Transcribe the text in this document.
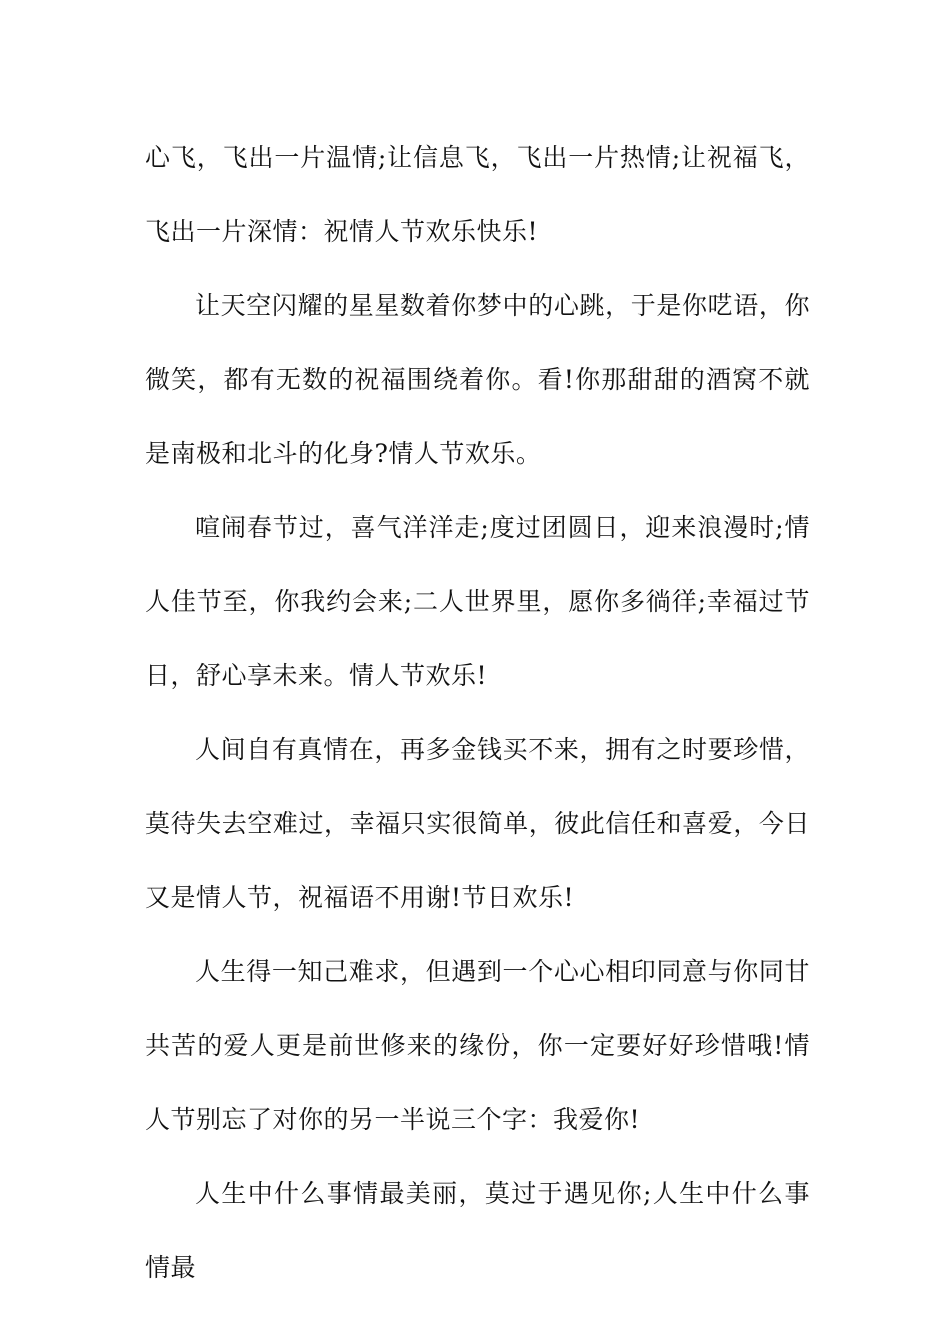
心飞，飞出一片温情;让信息飞，飞出一片热情;让祝福飞，飞出一片深情：祝情人节欢乐快乐!

让天空闪耀的星星数着你梦中的心跳，于是你呓语，你微笑，都有无数的祝福围绕着你。看!你那甜甜的酒窝不就是南极和北斗的化身?情人节欢乐。

喧闹春节过，喜气洋洋走;度过团圆日，迎来浪漫时;情人佳节至，你我约会来;二人世界里，愿你多徜徉;幸福过节日，舒心享未来。情人节欢乐!

人间自有真情在，再多金钱买不来，拥有之时要珍惜，莫待失去空难过，幸福只实很简单，彼此信任和喜爱，今日又是情人节，祝福语不用谢!节日欢乐!

人生得一知己难求，但遇到一个心心相印同意与你同甘共苦的爱人更是前世修来的缘份，你一定要好好珍惜哦!情人节别忘了对你的另一半说三个字：我爱你!

人生中什么事情最美丽，莫过于遇见你;人生中什么事情最
